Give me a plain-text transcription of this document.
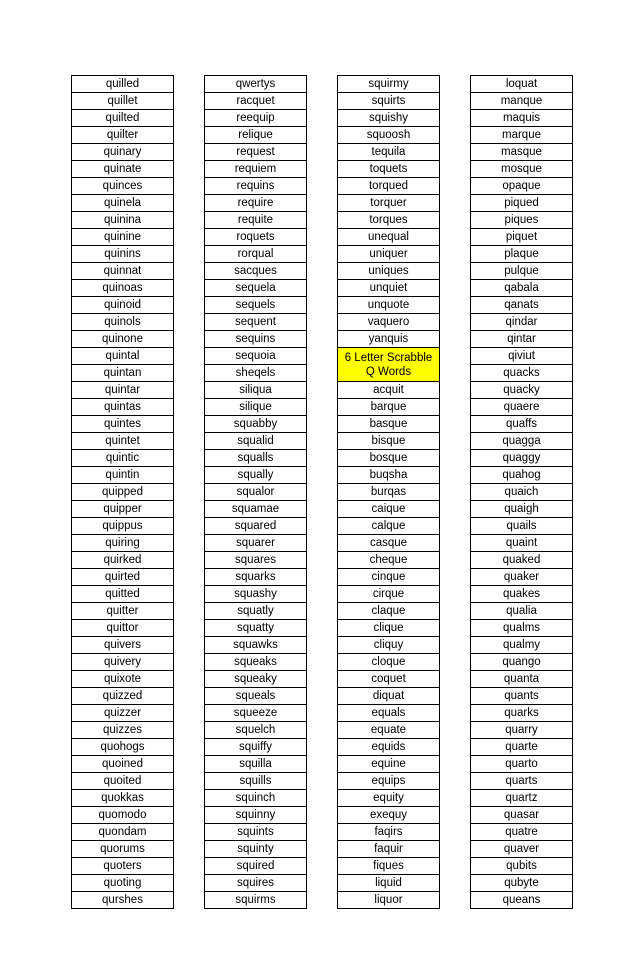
quilled
quillet
quilted
quilter
quinary
quinate
quinces
quinela
quinina
quinine
quinins
quinnat
quinoas
quinoid
quinols
quinone
quintal
quintan
quintar
quintas
quintes
quintet
quintic
quintin
quipped
quipper
quippus
quiring
quirked
quirted
quitted
quitter
quittor
quivers
quivery
quixote
quizzed
quizzer
quizzes
quohogs
quoined
quoited
quokkas
quomodo
quondam
quorums
quoters
quoting
qurshes
qwertys
racquet
reequip
relique
request
requiem
requins
require
requite
roquets
rorqual
sacques
sequela
sequels
sequent
sequins
sequoia
sheqels
siliqua
silique
squabby
squalid
squalls
squally
squalor
squamae
squared
squarer
squares
squarks
squashy
squatly
squatty
squawks
squeaks
squeaky
squeals
squeeze
squelch
squiffy
squilla
squills
squinch
squinny
squints
squinty
squired
squires
squirms
squirmy
squirts
squishy
squoosh
tequila
toquets
torqued
torquer
torques
unequal
uniquer
uniques
unquiet
unquote
vaquero
yanquis
6 Letter Scrabble Q Words
acquit
barque
basque
bisque
bosque
buqsha
burqas
caique
calque
casque
cheque
cinque
cirque
claque
clique
cliquy
cloque
coquet
diquat
equals
equate
equids
equine
equips
equity
exequy
faqirs
faquir
fiques
liquid
liquor
loquat
manque
maquis
marque
masque
mosque
opaque
piqued
piques
piquet
plaque
pulque
qabala
qanats
qindar
qintar
qiviut
quacks
quacky
quaere
quaffs
quagga
quaggy
quahog
quaich
quaigh
quails
quaint
quaked
quaker
quakes
qualia
qualms
qualmy
quango
quanta
quants
quarks
quarry
quarte
quarto
quarts
quartz
quasar
quatre
quaver
qubits
qubyte
queans
